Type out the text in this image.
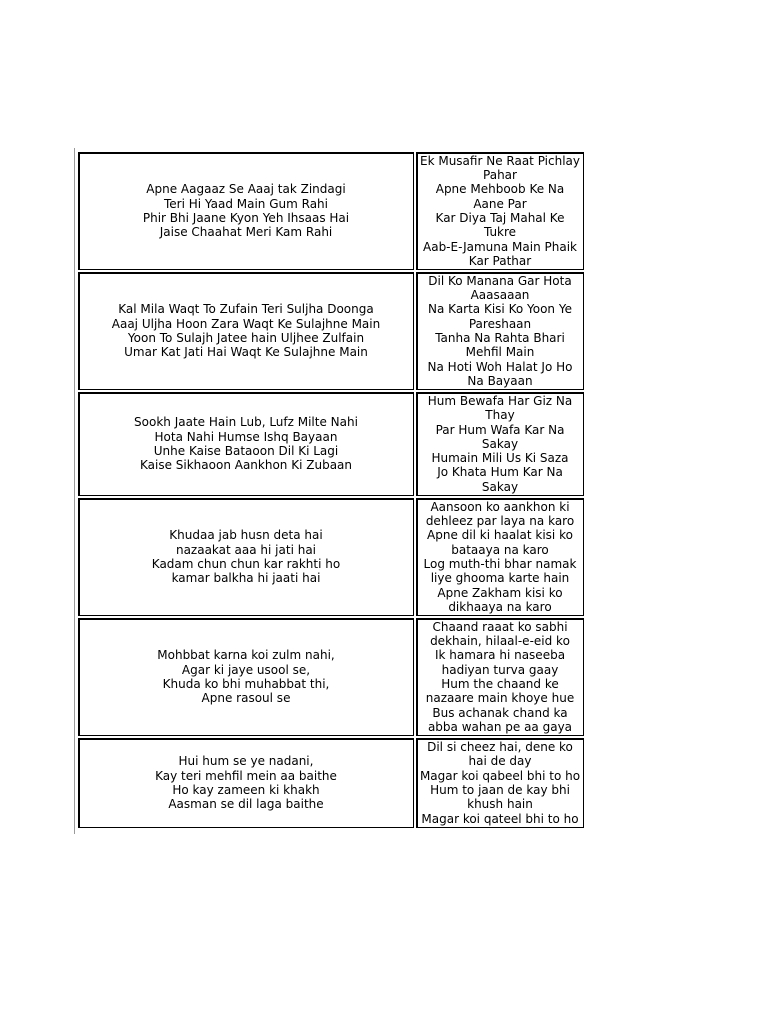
Apne Aagaaz Se Aaaj tak Zindagi
Teri Hi Yaad Main Gum Rahi
Phir Bhi Jaane Kyon Yeh Ihsaas Hai
Jaise Chaahat Meri Kam Rahi	Ek Musafir Ne Raat Pichlay Pahar
Apne Mehboob Ke Na Aane Par
Kar Diya Taj Mahal Ke Tukre
Aab-E-Jamuna Main Phaik Kar Pathar

Kal Mila Waqt To Zufain Teri Suljha Doonga
Aaaj Uljha Hoon Zara Waqt Ke Sulajhne Main
Yoon To Sulajh Jatee hain Uljhee Zulfain
Umar Kat Jati Hai Waqt Ke Sulajhne Main	Dil Ko Manana Gar Hota Aaasaaan
Na Karta Kisi Ko Yoon Ye Pareshaan
Tanha Na Rahta Bhari Mehfil Main
Na Hoti Woh Halat Jo Ho Na Bayaan

Sookh Jaate Hain Lub, Lufz Milte Nahi
Hota Nahi Humse Ishq Bayaan
Unhe Kaise Bataoon Dil Ki Lagi
Kaise Sikhaoon Aankhon Ki Zubaan	Hum Bewafa Har Giz Na Thay
Par Hum Wafa Kar Na Sakay
Humain Mili Us Ki Saza
Jo Khata Hum Kar Na Sakay

Khudaa jab husn deta hai
nazaakat aaa hi jati hai
Kadam chun chun kar rakhti ho
kamar balkha hi jaati hai	Aansoon ko aankhon ki dehleez par laya na karo
Apne dil ki haalat kisi ko bataaya na karo
Log muth-thi bhar namak liye ghooma karte hain
Apne Zakham kisi ko dikhaaya na karo

Mohbbat karna koi zulm nahi,
Agar ki jaye usool se,
Khuda ko bhi muhabbat thi,
Apne rasoul se	Chaand raaat ko sabhi dekhain, hilaal-e-eid ko
Ik hamara hi naseeba hadiyan turva gaay
Hum the chaand ke nazaare main khoye hue
Bus achanak chand ka abba wahan pe aa gaya

Hui hum se ye nadani,
Kay teri mehfil mein aa baithe
Ho kay zameen ki khakh
Aasman se dil laga baithe	Dil si cheez hai, dene ko hai de day
Magar koi qabeel bhi to ho
Hum to jaan de kay bhi khush hain
Magar koi qateel bhi to ho
